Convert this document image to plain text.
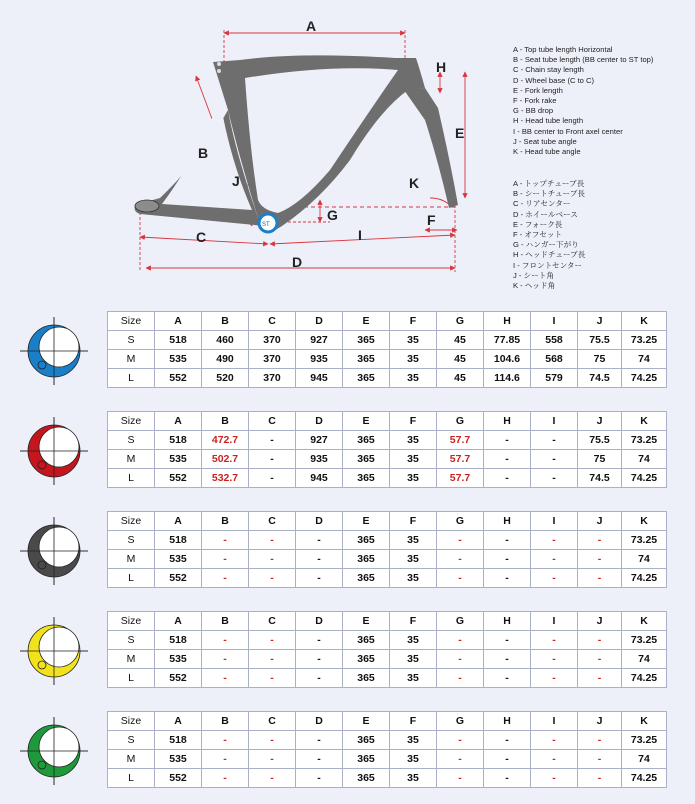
A
B
C
D
E
F
G
H
I
J	K
ST
A - Top tube length Horizontal
B - Seat tube length (BB center to ST top)
C - Chain stay length
D - Wheel base (C to C)
E - Fork length
F - Fork rake
G - BB drop
H - Head tube length
I - BB center to Front axel center
J - Seat tube angle
K - Head tube angle
A - トップチューブ長
B - シートチューブ長
C - リアセンター
D - ホイールベース
E - フォーク長
F - オフセット
G - ハンガー下がり
H - ヘッドチューブ長
I - フロントセンター
J - シート角
K - ヘッド角
Size	A	B	C	D	E	F	G	H	I	J	K
S	518	460	370	927	365	35	45	77.85	558	75.5	73.25
M	535	490	370	935	365	35	45	104.6	568	75	74
L	552	520	370	945	365	35	45	114.6	579	74.5	74.25
Size	A	B	C	D	E	F	G	H	I	J	K
S	518	472.7	-	927	365	35	57.7	-	-	75.5	73.25
M	535	502.7	-	935	365	35	57.7	-	-	75	74
L	552	532.7	-	945	365	35	57.7	-	-	74.5	74.25
Size	A	B	C	D	E	F	G	H	I	J	K
S	518	-	-	-	365	35	-	-	-	-	73.25
M	535	-	-	-	365	35	-	-	-	-	74
L	552	-	-	-	365	35	-	-	-	-	74.25
Size	A	B	C	D	E	F	G	H	I	J	K
S	518	-	-	-	365	35	-	-	-	-	73.25
M	535	-	-	-	365	35	-	-	-	-	74
L	552	-	-	-	365	35	-	-	-	-	74.25
Size	A	B	C	D	E	F	G	H	I	J	K
S	518	-	-	-	365	35	-	-	-	-	73.25
M	535	-	-	-	365	35	-	-	-	-	74
L	552	-	-	-	365	35	-	-	-	-	74.25
